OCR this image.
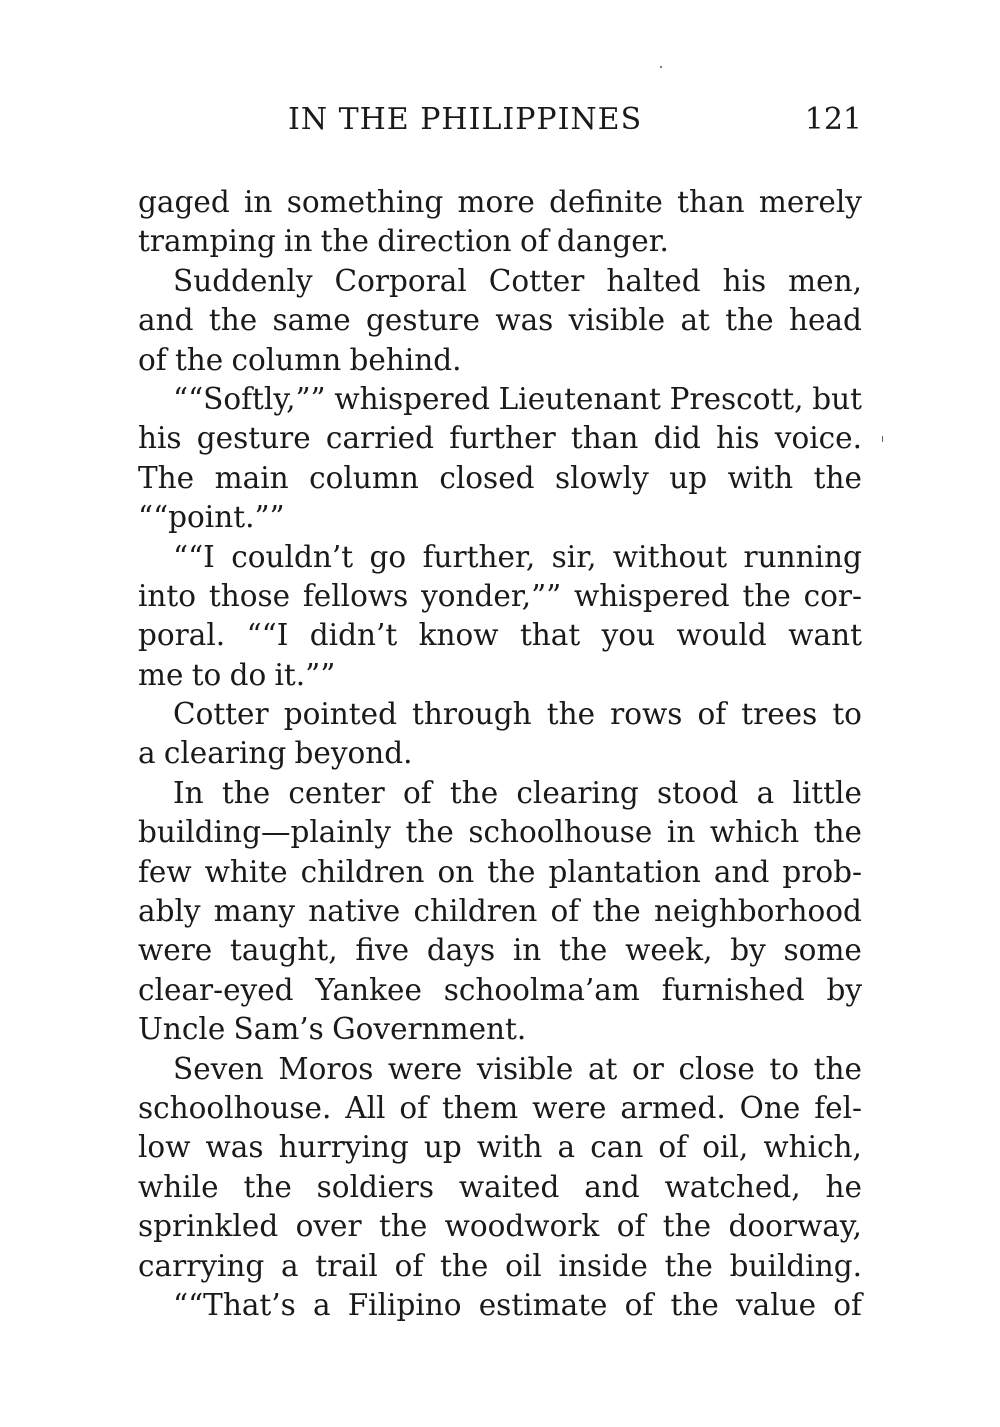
IN THE PHILIPPINES	121
gaged in something more definite than merely
tramping in the direction of danger.
Suddenly Corporal Cotter halted his men,
and the same gesture was visible at the head
of the column behind.
““Softly,”” whispered Lieutenant Prescott, but
his gesture carried further than did his voice.
The main column closed slowly up with the
““point.””
““I couldn’t go further, sir, without running
into those fellows yonder,”” whispered the cor-
poral. ““I didn’t know that you would want
me to do it.””
Cotter pointed through the rows of trees to
a clearing beyond.
In the center of the clearing stood a little
building—plainly the schoolhouse in which the
few white children on the plantation and prob-
ably many native children of the neighborhood
were taught, five days in the week, by some
clear-eyed Yankee schoolma’am furnished by
Uncle Sam’s Government.
Seven Moros were visible at or close to the
schoolhouse. All of them were armed. One fel-
low was hurrying up with a can of oil, which,
while the soldiers waited and watched, he
sprinkled over the woodwork of the doorway,
carrying a trail of the oil inside the building.
““That’s a Filipino estimate of the value of
